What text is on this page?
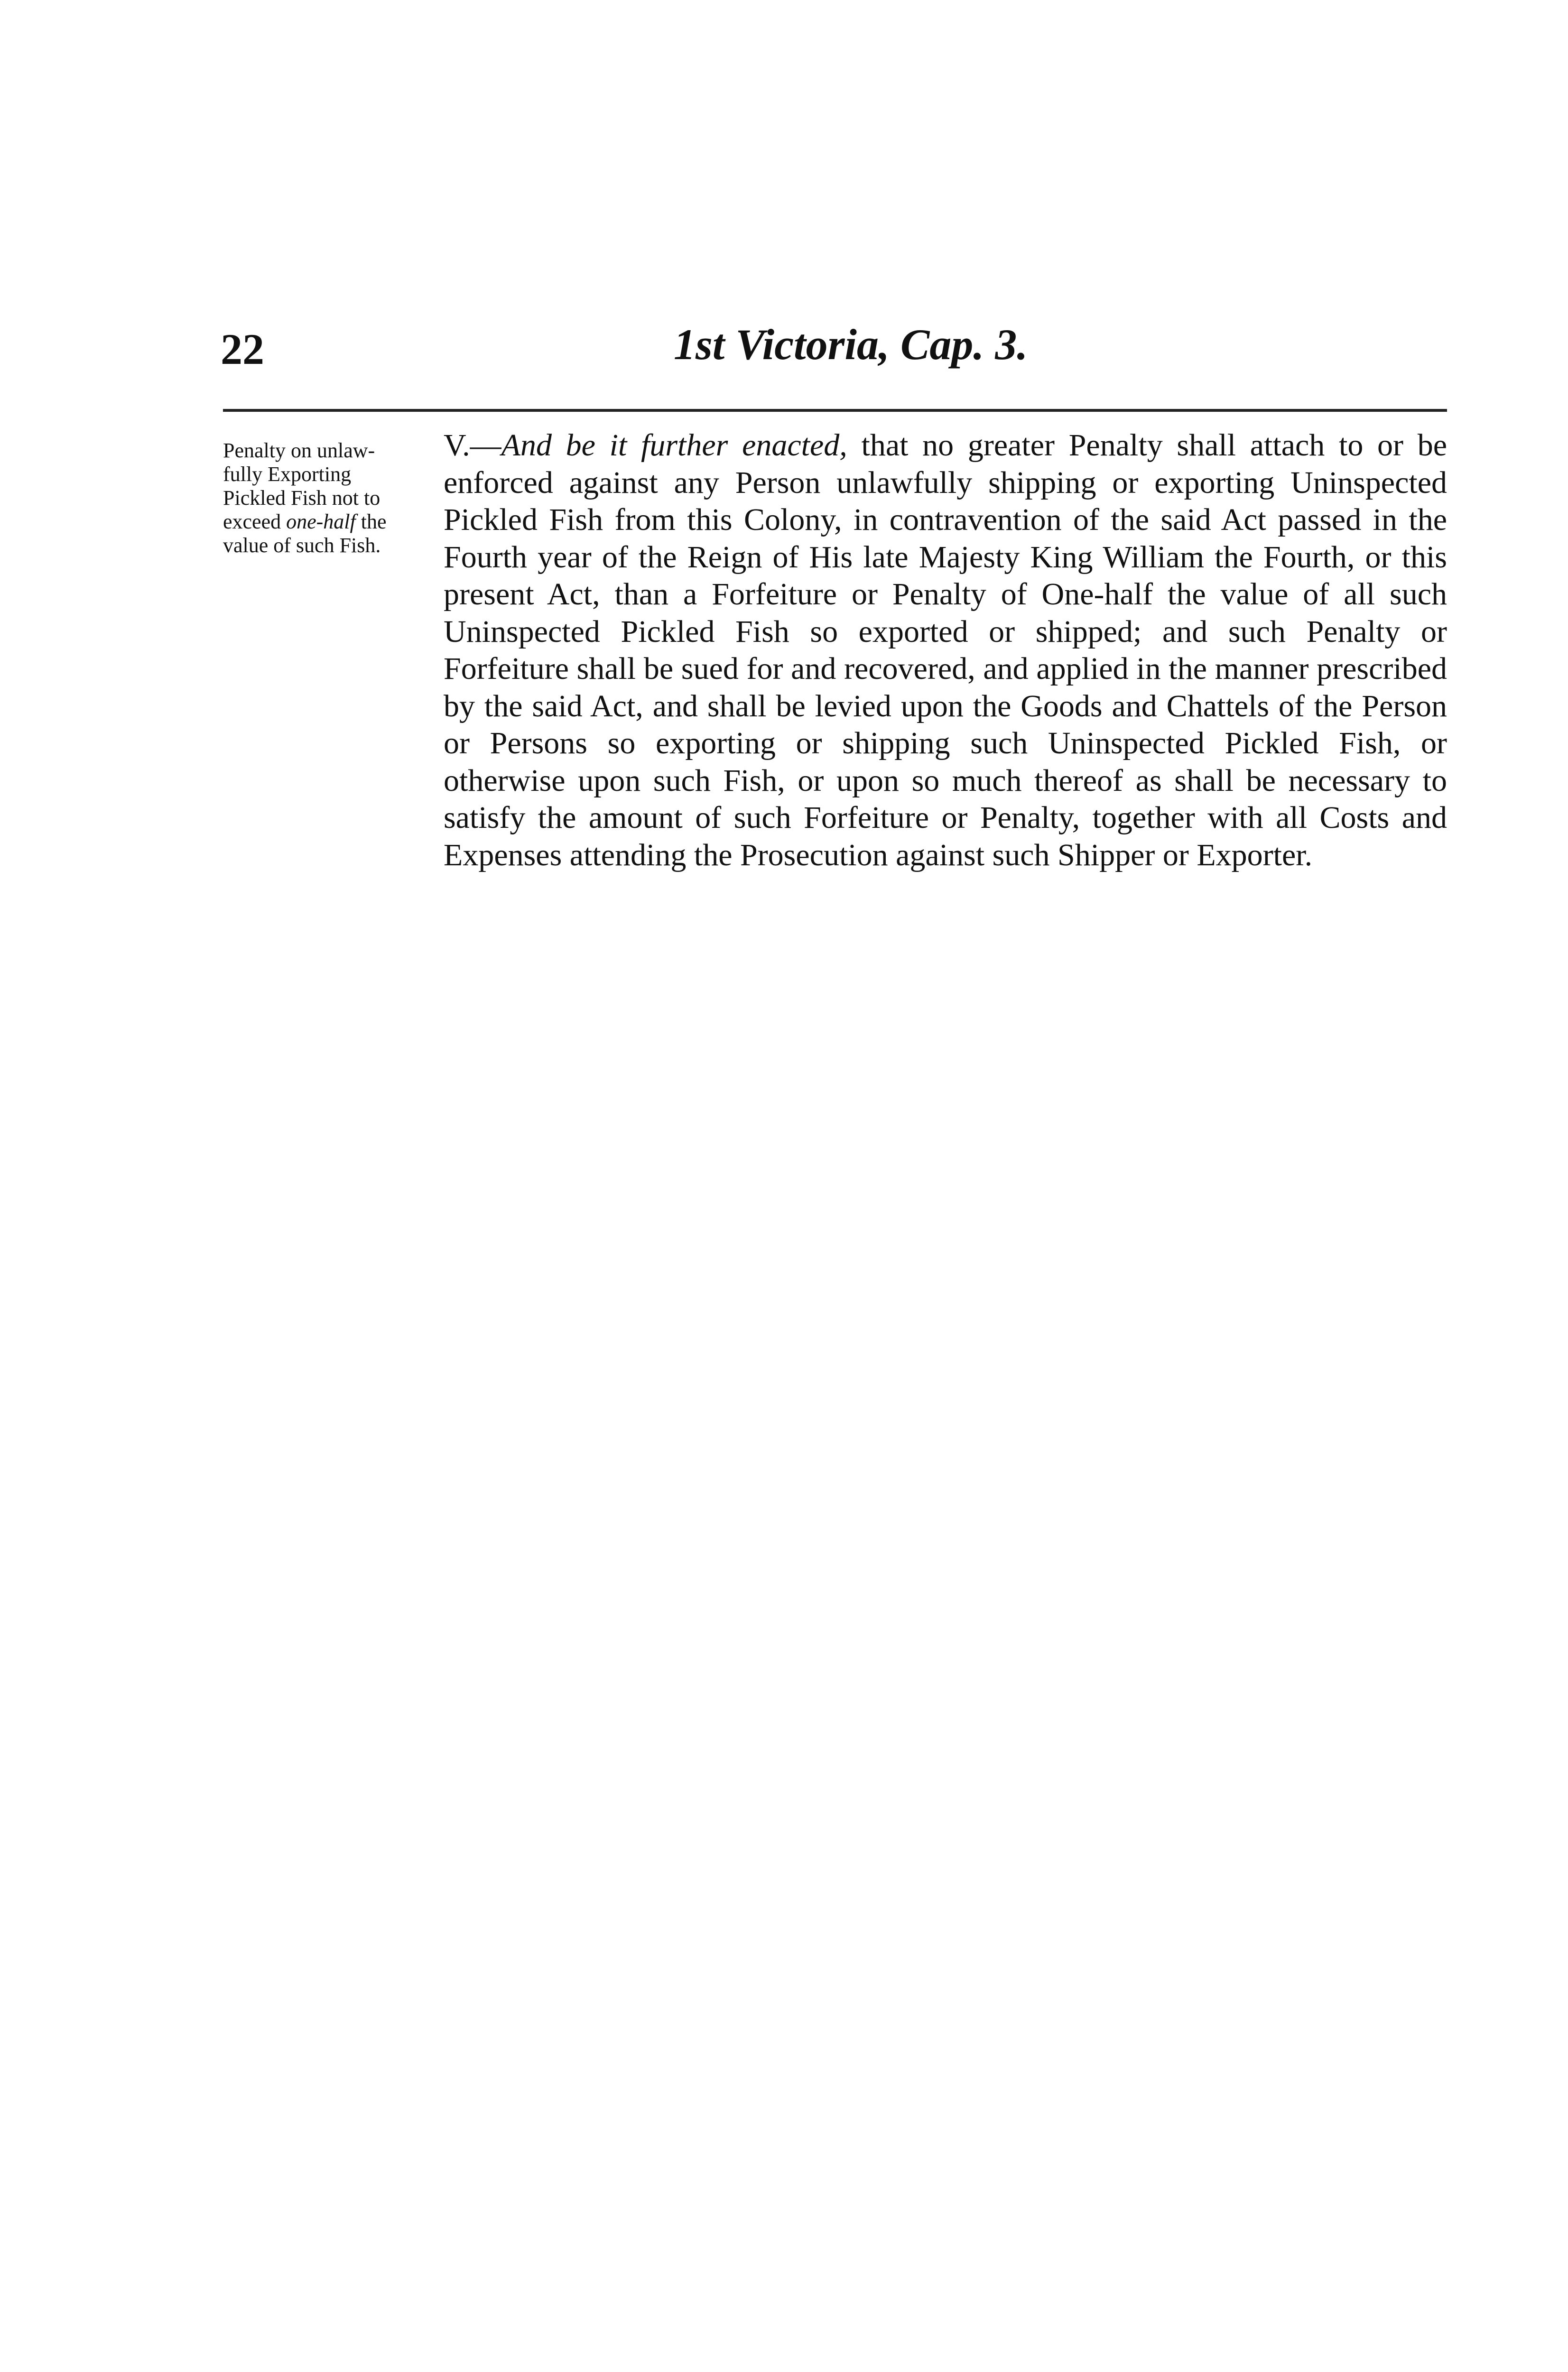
22	1st Victoria, Cap. 3.
Penalty on unlaw-
fully Exporting
Pickled Fish not to
exceed one-half the
value of such Fish.
V.—And be it further enacted, that no greater Penalty shall attach to or be enforced against any Person unlawfully shipping or exporting Uninspected Pickled Fish from this Colony, in contravention of the said Act passed in the Fourth year of the Reign of His late Majesty King William the Fourth, or this present Act, than a Forfeiture or Penalty of One-half the value of all such Uninspected Pickled Fish so exported or shipped; and such Penalty or Forfeiture shall be sued for and recovered, and applied in the manner prescribed by the said Act, and shall be levied upon the Goods and Chattels of the Person or Persons so exporting or shipping such Uninspected Pickled Fish, or otherwise upon such Fish, or upon so much thereof as shall be necessary to satisfy the amount of such Forfeiture or Penalty, together with all Costs and Expenses attending the Prosecution against such Shipper or Exporter.
